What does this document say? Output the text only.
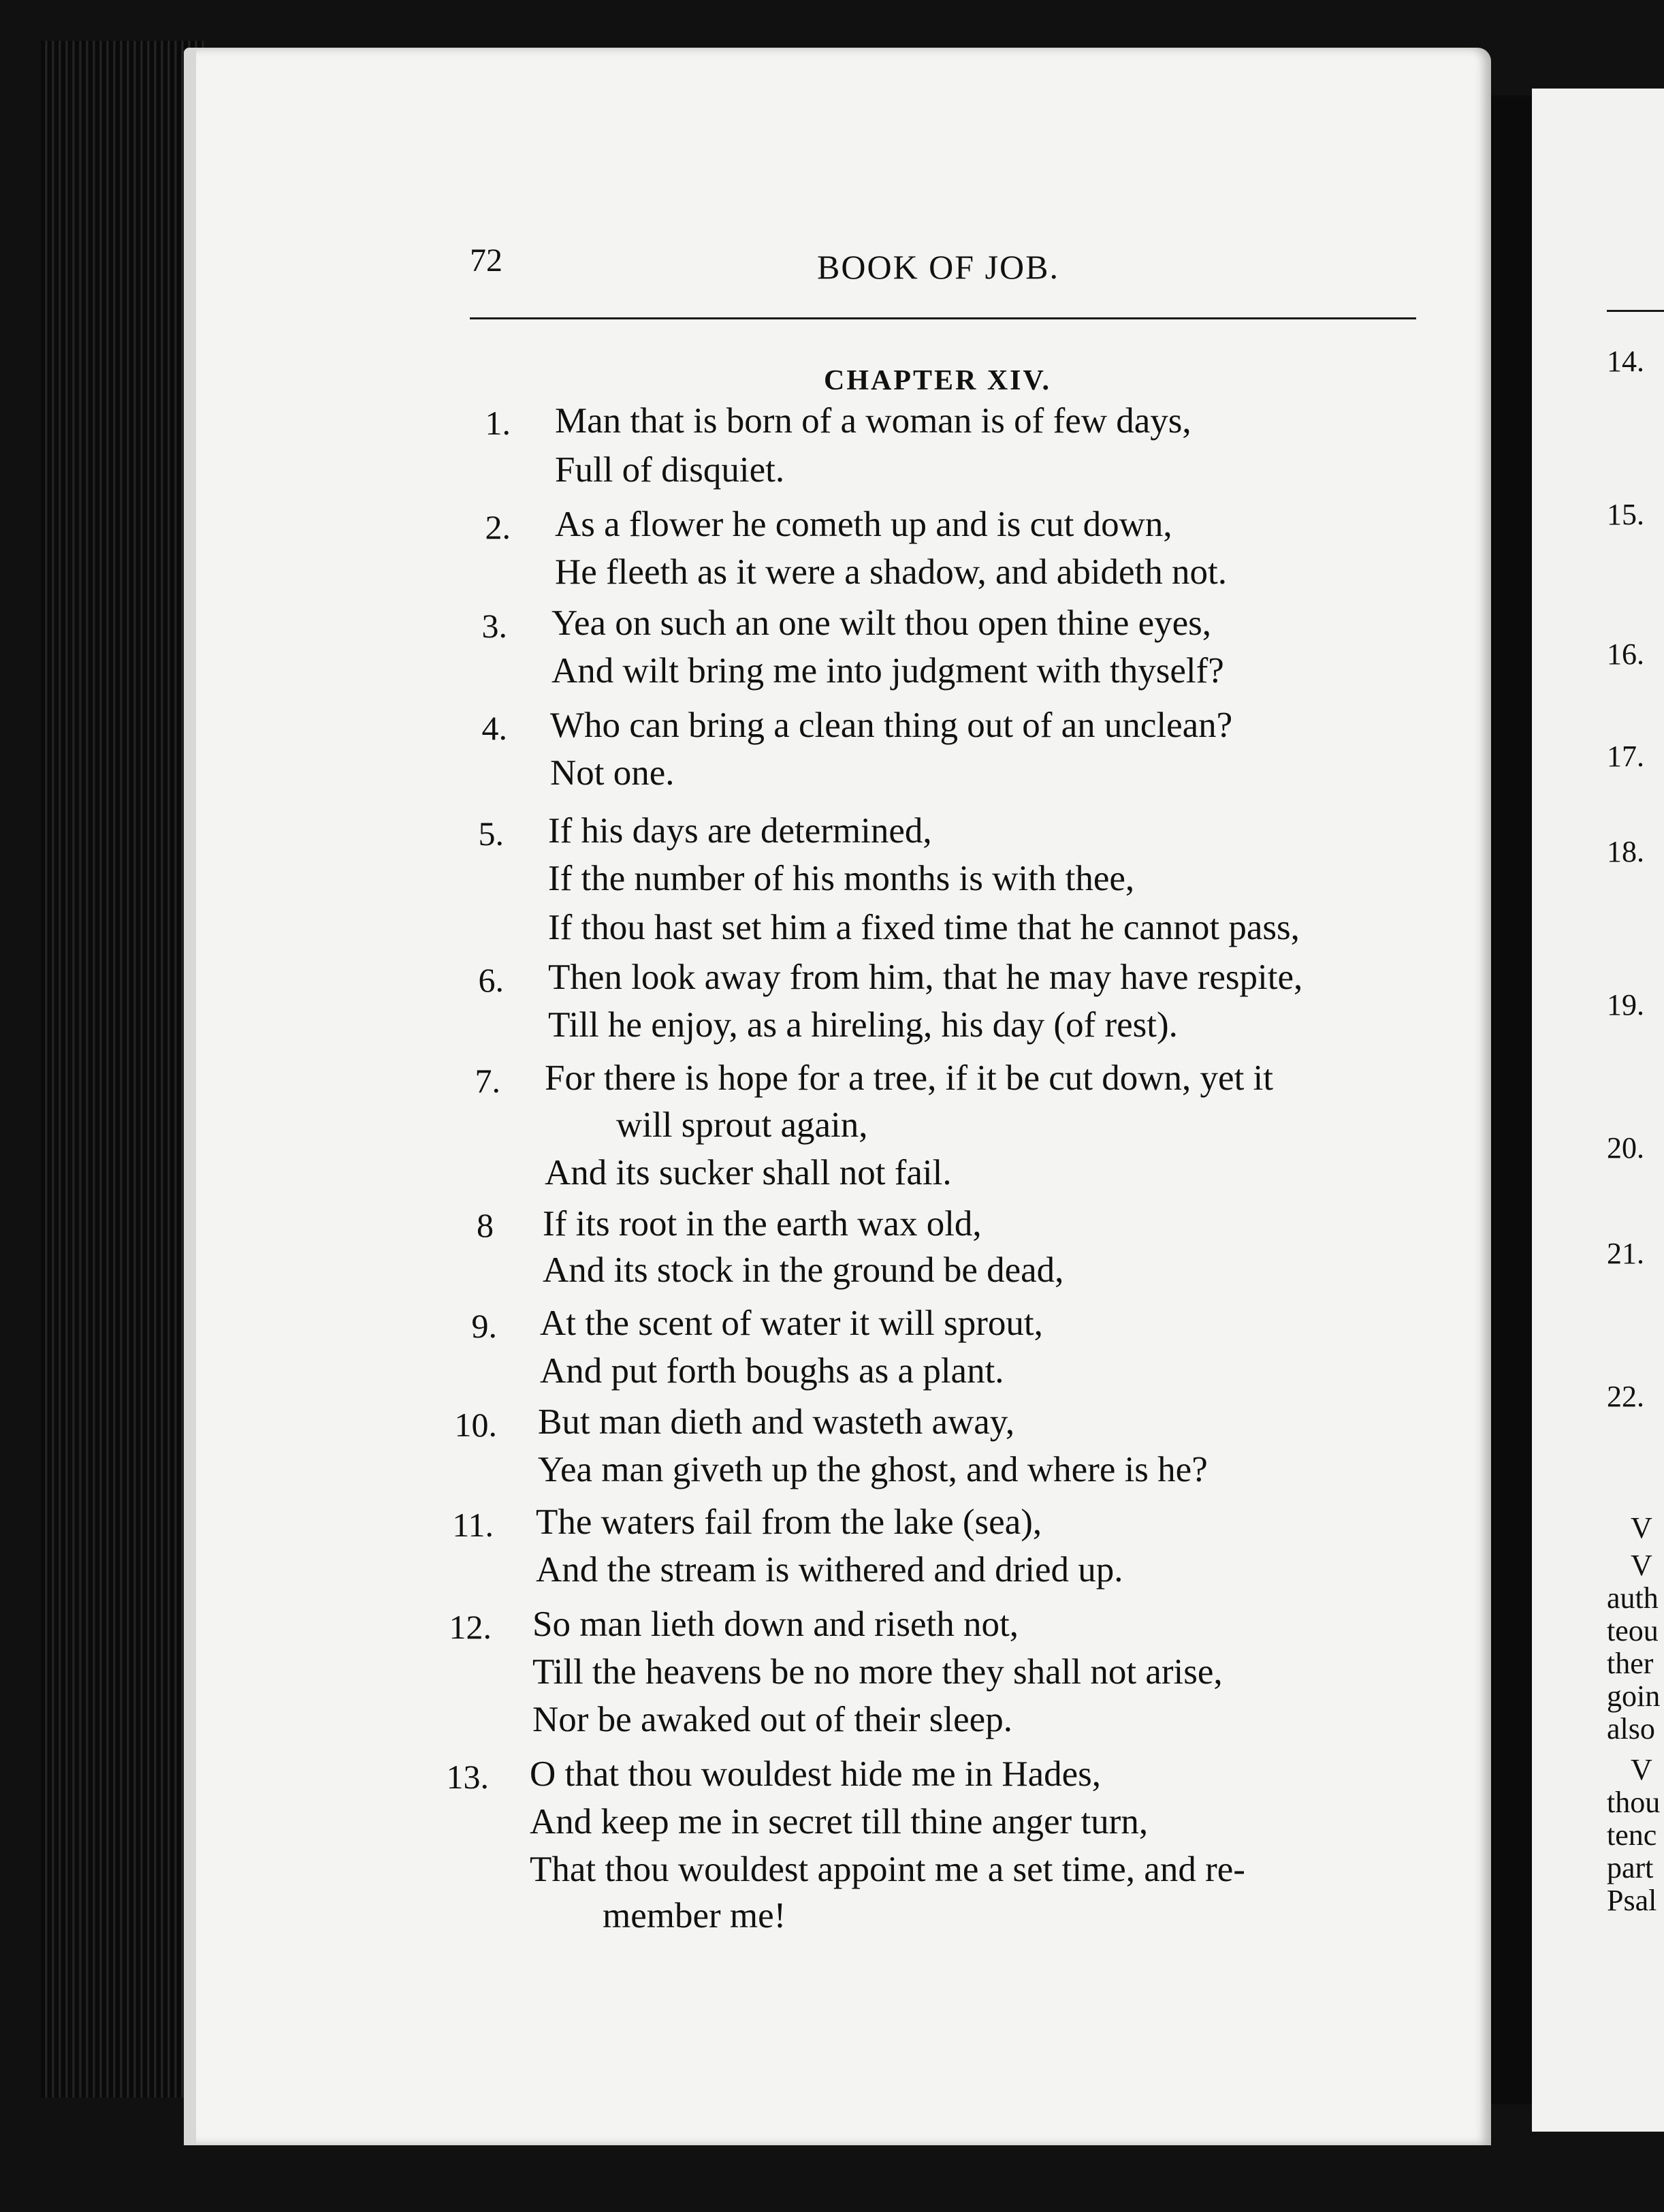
72	BOOK OF JOB.
CHAPTER XIV.
1. Man that is born of a woman is of few days,
Full of disquiet.
2. As a flower he cometh up and is cut down,
He fleeth as it were a shadow, and abideth not.
3. Yea on such an one wilt thou open thine eyes,
And wilt bring me into judgment with thyself?
4. Who can bring a clean thing out of an unclean?
Not one.
5. If his days are determined,
If the number of his months is with thee,
If thou hast set him a fixed time that he cannot pass,
6. Then look away from him, that he may have respite,
Till he enjoy, as a hireling, his day (of rest).
7. For there is hope for a tree, if it be cut down, yet it
will sprout again,
And its sucker shall not fail.
8 If its root in the earth wax old,
And its stock in the ground be dead,
9. At the scent of water it will sprout,
And put forth boughs as a plant.
10. But man dieth and wasteth away,
Yea man giveth up the ghost, and where is he?
11. The waters fail from the lake (sea),
And the stream is withered and dried up.
12. So man lieth down and riseth not,
Till the heavens be no more they shall not arise,
Nor be awaked out of their sleep.
13. O that thou wouldest hide me in Hades,
And keep me in secret till thine anger turn,
That thou wouldest appoint me a set time, and re-
member me!
14.
15.
16.
17.
18.
19.
20.
21.
22.
V
V
auth
teou
ther
goin
also
V
thou
tenc
part
Psal
